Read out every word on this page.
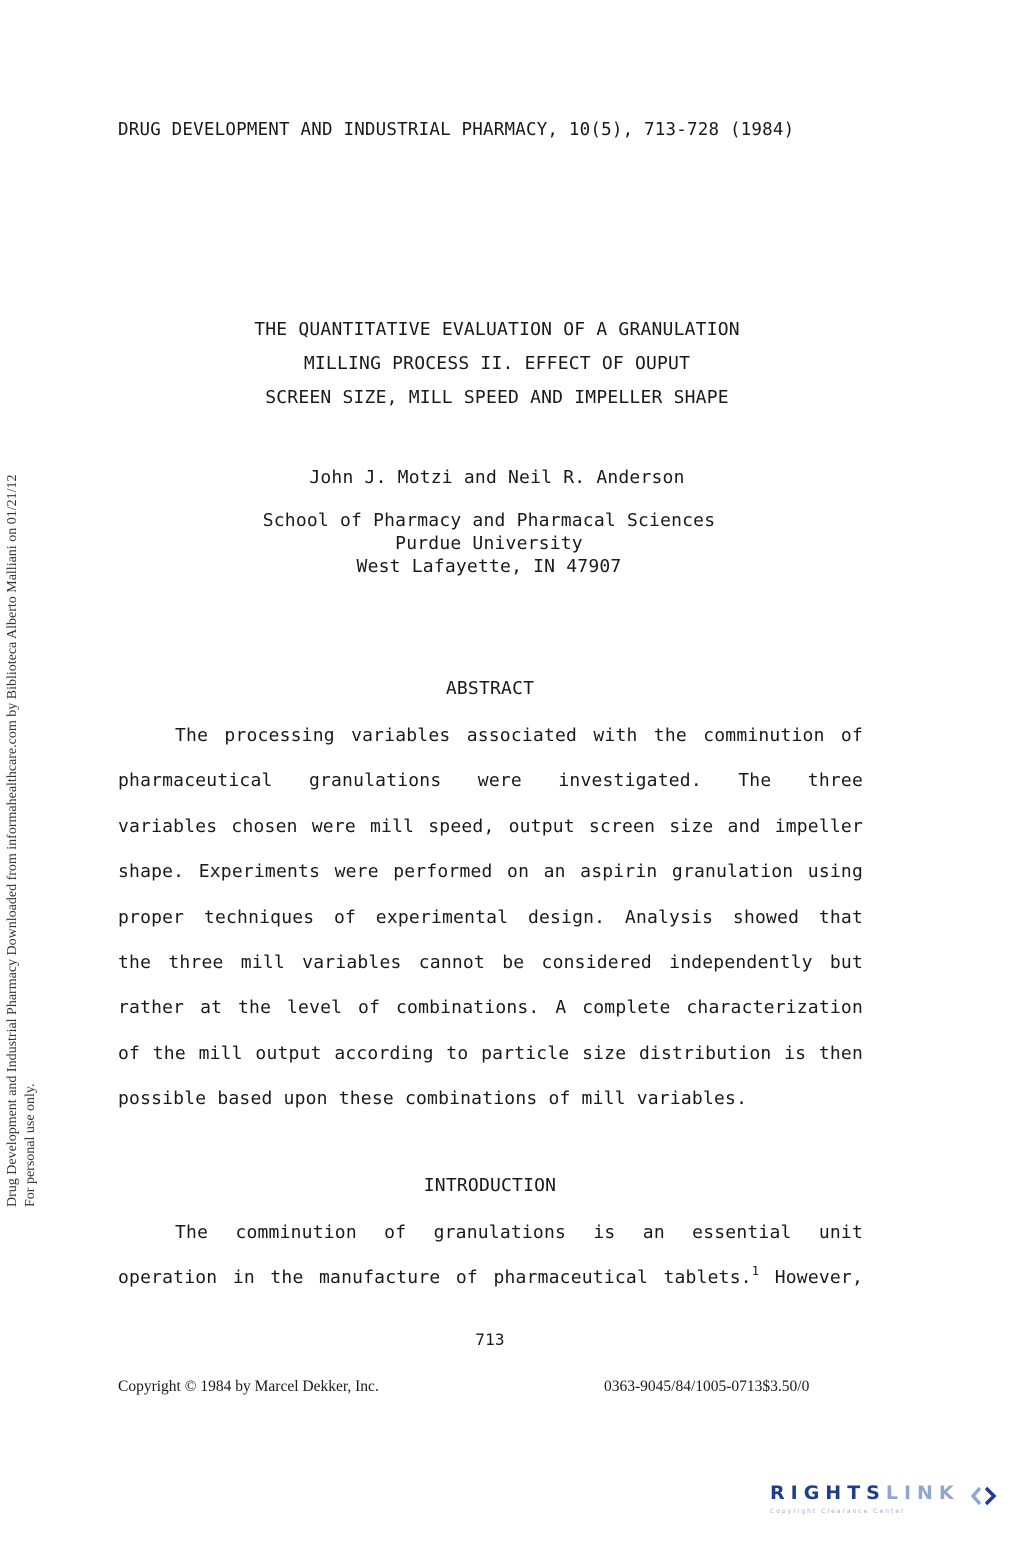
Drug Development and Industrial Pharmacy Downloaded from informahealthcare.com by Biblioteca Alberto Malliani on 01/21/12 For personal use only.
DRUG DEVELOPMENT AND INDUSTRIAL PHARMACY, 10(5), 713-728 (1984)
THE QUANTITATIVE EVALUATION OF A GRANULATION
MILLING PROCESS II. EFFECT OF OUPUT
SCREEN SIZE, MILL SPEED AND IMPELLER SHAPE
John J. Motzi and Neil R. Anderson
School of Pharmacy and Pharmacal Sciences
Purdue University
West Lafayette, IN 47907
ABSTRACT
The processing variables associated with the comminution of
pharmaceutical granulations were investigated. The three
variables chosen were mill speed, output screen size and impeller
shape. Experiments were performed on an aspirin granulation using
proper techniques of experimental design. Analysis showed that
the three mill variables cannot be considered independently but
rather at the level of combinations. A complete characterization
of the mill output according to particle size distribution is then
possible based upon these combinations of mill variables.
INTRODUCTION
The comminution of granulations is an essential unit
operation in the manufacture of pharmaceutical tablets.$^1$ However,
713
Copyright © 1984 by Marcel Dekker, Inc.	0363-9045/84/1005-0713$3.50/0
RIGHTSLINK
Copyright Clearance Center
